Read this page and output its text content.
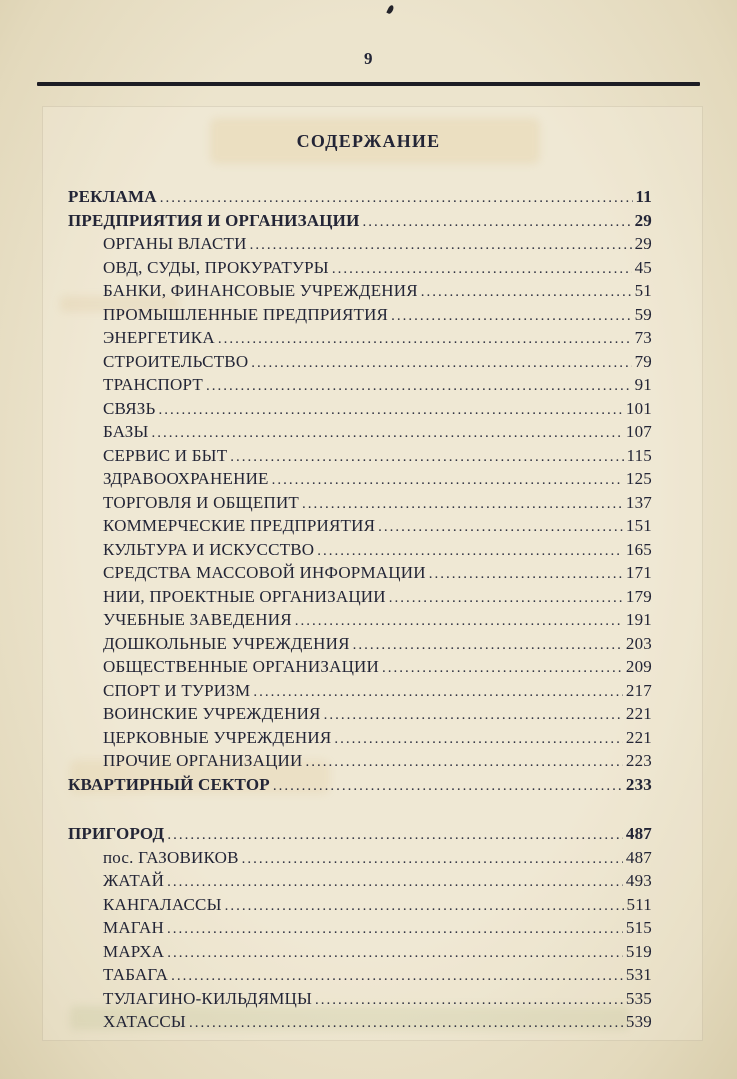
9
СОДЕРЖАНИЕ
РЕКЛАМА .....	11
ПРЕДПРИЯТИЯ И ОРГАНИЗАЦИИ .....	29
ОРГАНЫ ВЛАСТИ .....	29
ОВД, СУДЫ, ПРОКУРАТУРЫ .....	45
БАНКИ, ФИНАНСОВЫЕ УЧРЕЖДЕНИЯ .....	51
ПРОМЫШЛЕННЫЕ ПРЕДПРИЯТИЯ .....	59
ЭНЕРГЕТИКА .....	73
СТРОИТЕЛЬСТВО .....	79
ТРАНСПОРТ .....	91
СВЯЗЬ .....	101
БАЗЫ .....	107
СЕРВИС И БЫТ .....	115
ЗДРАВООХРАНЕНИЕ .....	125
ТОРГОВЛЯ И ОБЩЕПИТ .....	137
КОММЕРЧЕСКИЕ ПРЕДПРИЯТИЯ .....	151
КУЛЬТУРА И ИСКУССТВО .....	165
СРЕДСТВА МАССОВОЙ ИНФОРМАЦИИ .....	171
НИИ, ПРОЕКТНЫЕ ОРГАНИЗАЦИИ .....	179
УЧЕБНЫЕ ЗАВЕДЕНИЯ .....	191
ДОШКОЛЬНЫЕ УЧРЕЖДЕНИЯ .....	203
ОБЩЕСТВЕННЫЕ ОРГАНИЗАЦИИ .....	209
СПОРТ И ТУРИЗМ .....	217
ВОИНСКИЕ УЧРЕЖДЕНИЯ .....	221
ЦЕРКОВНЫЕ УЧРЕЖДЕНИЯ .....	221
ПРОЧИЕ ОРГАНИЗАЦИИ .....	223
КВАРТИРНЫЙ СЕКТОР .....	233
ПРИГОРОД .....	487
пос. ГАЗОВИКОВ .....	487
ЖАТАЙ .....	493
КАНГАЛАССЫ .....	511
МАГАН .....	515
МАРХА .....	519
ТАБАГА .....	531
ТУЛАГИНО-КИЛЬДЯМЦЫ .....	535
ХАТАССЫ .....	539
